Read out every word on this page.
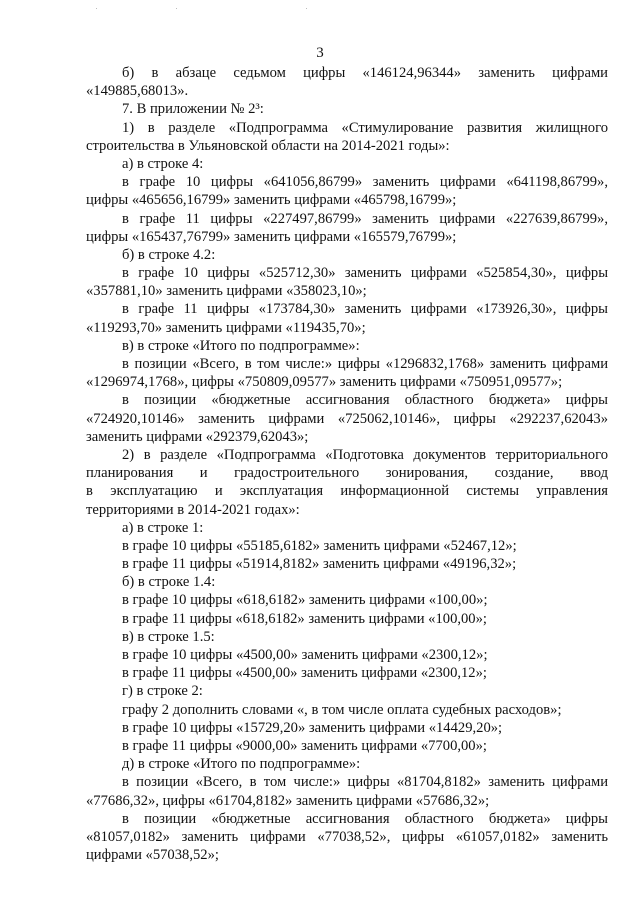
3
б) в абзаце седьмом цифры «146124,96344» заменить цифрами
«149885,68013».
7. В приложении № 2³:
1) в разделе «Подпрограмма «Стимулирование развития жилищного
строительства в Ульяновской области на 2014-2021 годы»:
а) в строке 4:
в графе 10 цифры «641056,86799» заменить цифрами «641198,86799»,
цифры «465656,16799» заменить цифрами «465798,16799»;
в графе 11 цифры «227497,86799» заменить цифрами «227639,86799»,
цифры «165437,76799» заменить цифрами «165579,76799»;
б) в строке 4.2:
в графе 10 цифры «525712,30» заменить цифрами «525854,30», цифры
«357881,10» заменить цифрами «358023,10»;
в графе 11 цифры «173784,30» заменить цифрами «173926,30», цифры
«119293,70» заменить цифрами «119435,70»;
в) в строке «Итого по подпрограмме»:
в позиции «Всего, в том числе:» цифры «1296832,1768» заменить цифрами
«1296974,1768», цифры «750809,09577» заменить цифрами «750951,09577»;
в позиции «бюджетные ассигнования областного бюджета» цифры
«724920,10146» заменить цифрами «725062,10146», цифры «292237,62043»
заменить цифрами «292379,62043»;
2) в разделе «Подпрограмма «Подготовка документов территориального
планирования и градостроительного зонирования, создание, ввод
в эксплуатацию и эксплуатация информационной системы управления
территориями в 2014-2021 годах»:
а) в строке 1:
в графе 10 цифры «55185,6182» заменить цифрами «52467,12»;
в графе 11 цифры «51914,8182» заменить цифрами «49196,32»;
б) в строке 1.4:
в графе 10 цифры «618,6182» заменить цифрами «100,00»;
в графе 11 цифры «618,6182» заменить цифрами «100,00»;
в) в строке 1.5:
в графе 10 цифры «4500,00» заменить цифрами «2300,12»;
в графе 11 цифры «4500,00» заменить цифрами «2300,12»;
г) в строке 2:
графу 2 дополнить словами «, в том числе оплата судебных расходов»;
в графе 10 цифры «15729,20» заменить цифрами «14429,20»;
в графе 11 цифры «9000,00» заменить цифрами «7700,00»;
д) в строке «Итого по подпрограмме»:
в позиции «Всего, в том числе:» цифры «81704,8182» заменить цифрами
«77686,32», цифры «61704,8182» заменить цифрами «57686,32»;
в позиции «бюджетные ассигнования областного бюджета» цифры
«81057,0182» заменить цифрами «77038,52», цифры «61057,0182» заменить
цифрами «57038,52»;
